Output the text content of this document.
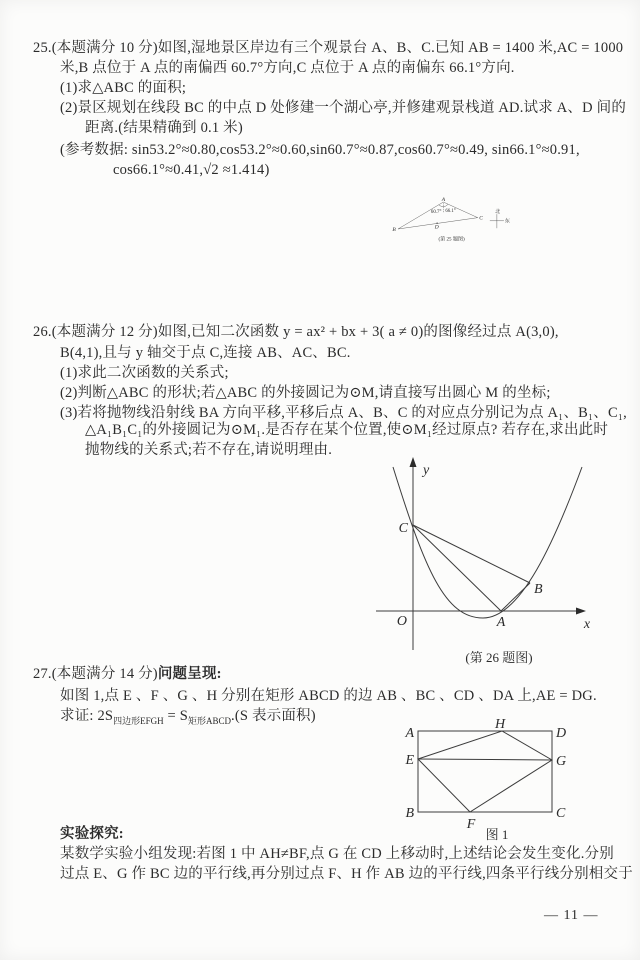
25.(本题满分 10 分)如图,湿地景区岸边有三个观景台 A、B、C.已知 AB = 1400 米,AC = 1000
米,B 点位于 A 点的南偏西 60.7°方向,C 点位于 A 点的南偏东 66.1°方向.
(1)求△ABC 的面积;
(2)景区规划在线段 BC 的中点 D 处修建一个湖心亭,并修建观景栈道 AD.试求 A、D 间的
距离.(结果精确到 0.1 米)
(参考数据: sin53.2°≈0.80,cos53.2°≈0.60,sin60.7°≈0.87,cos60.7°≈0.49, sin66.1°≈0.91,
cos66.1°≈0.41,√2 ≈1.414)
A
B
C
D
60.7° 66.1°	北
东
(第 25 题图)
26.(本题满分 12 分)如图,已知二次函数 y = ax² + bx + 3( a ≠ 0)的图像经过点 A(3,0),
B(4,1),且与 y 轴交于点 C,连接 AB、AC、BC.
(1)求此二次函数的关系式;
(2)判断△ABC 的形状;若△ABC 的外接圆记为⊙M,请直接写出圆心 M 的坐标;
(3)若将抛物线沿射线 BA 方向平移,平移后点 A、B、C 的对应点分别记为点 A₁、B₁、C₁,
△A₁B₁C₁的外接圆记为⊙M₁.是否存在某个位置,使⊙M₁经过原点? 若存在,求出此时
抛物线的关系式;若不存在,请说明理由.
y
x
O
C
A
B
(第 26 题图)
27.(本题满分 14 分)问题呈现:
如图 1,点 E 、F 、G 、H 分别在矩形 ABCD 的边 AB 、BC 、CD 、DA 上,AE = DG.
求证: $2S_{四边形EFGH} = S_{矩形ABCD}.(S$ 表示面积)
A	D
B	C
H
E	G
F
图 1
实验探究:
某数学实验小组发现:若图 1 中 AH≠BF,点 G 在 CD 上移动时,上述结论会发生变化.分别
过点 E、G 作 BC 边的平行线,再分别过点 F、H 作 AB 边的平行线,四条平行线分别相交于
— 11 —
